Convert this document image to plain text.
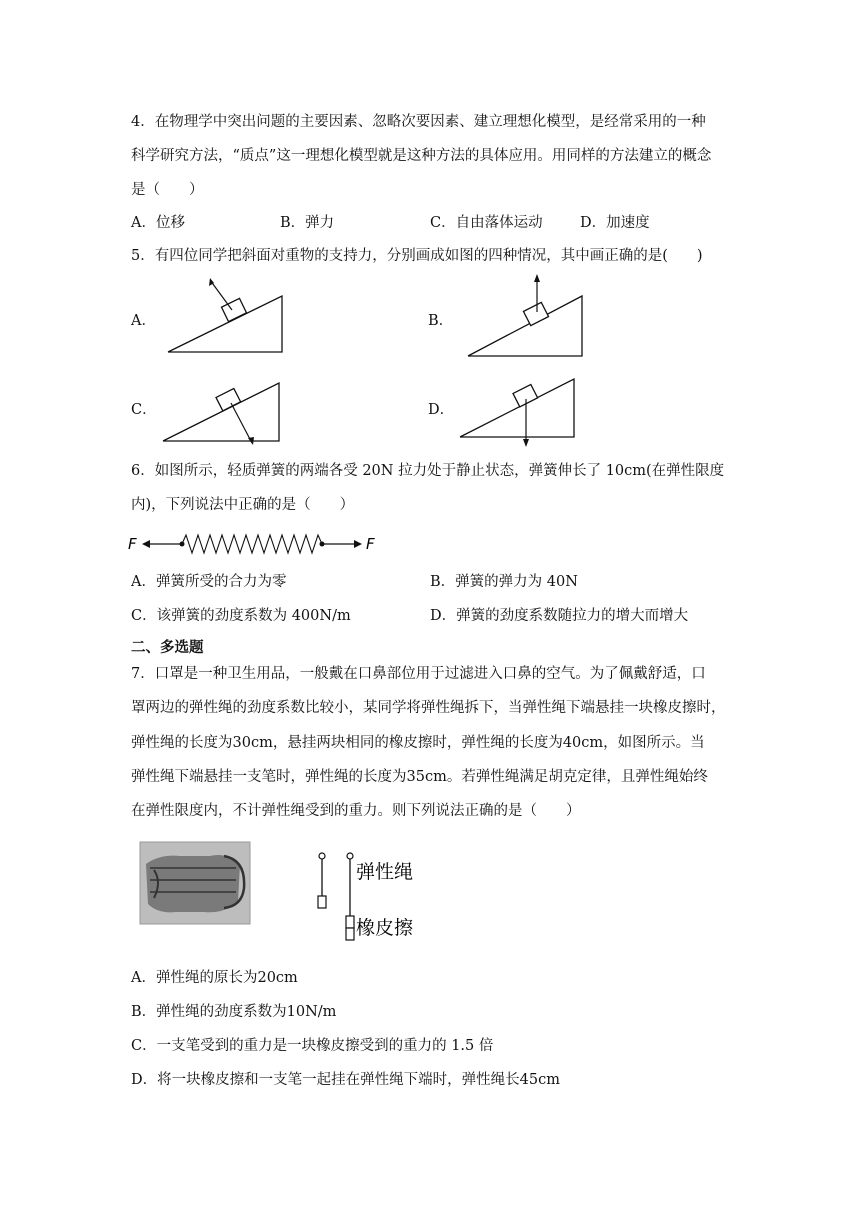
4．在物理学中突出问题的主要因素、忽略次要因素、建立理想化模型，是经常采用的一种
科学研究方法，“质点”这一理想化模型就是这种方法的具体应用。用同样的方法建立的概念
是（　　）
A．位移	B．弹力	C．自由落体运动	D．加速度
5．有四位同学把斜面对重物的支持力，分别画成如图的四种情况，其中画正确的是(　　)
A．	B．
C．	D．
6．如图所示，轻质弹簧的两端各受 20N 拉力处于静止状态，弹簧伸长了 10cm(在弹性限度
内)，下列说法中正确的是（　　）
F	F
A．弹簧所受的合力为零	B．弹簧的弹力为 40N
C．该弹簧的劲度系数为 400N/m	D．弹簧的劲度系数随拉力的增大而增大
二、多选题
7．口罩是一种卫生用品，一般戴在口鼻部位用于过滤进入口鼻的空气。为了佩戴舒适，口
罩两边的弹性绳的劲度系数比较小，某同学将弹性绳拆下，当弹性绳下端悬挂一块橡皮擦时，
弹性绳的长度为30cm，悬挂两块相同的橡皮擦时，弹性绳的长度为40cm，如图所示。当
弹性绳下端悬挂一支笔时，弹性绳的长度为35cm。若弹性绳满足胡克定律，且弹性绳始终
在弹性限度内，不计弹性绳受到的重力。则下列说法正确的是（　　）
弹性绳
橡皮擦
A．弹性绳的原长为20cm
B．弹性绳的劲度系数为10N/m
C．一支笔受到的重力是一块橡皮擦受到的重力的 1.5 倍
D．将一块橡皮擦和一支笔一起挂在弹性绳下端时，弹性绳长45cm
